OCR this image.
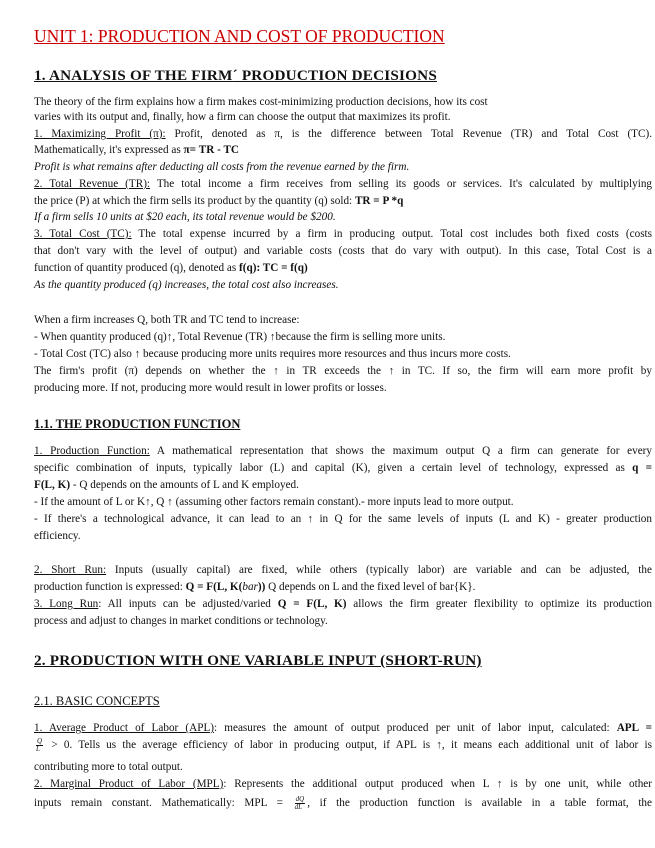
UNIT 1: PRODUCTION AND COST OF PRODUCTION
1. ANALYSIS OF THE FIRM´ PRODUCTION DECISIONS
The theory of the firm explains how a firm makes cost-minimizing production decisions, how its cost
varies with its output and, finally, how a firm can choose the output that maximizes its profit.
1. Maximizing Profit (π): Profit, denoted as π, is the difference between Total Revenue (TR) and Total Cost (TC).
Mathematically, it's expressed as π= TR - TC
Profit is what remains after deducting all costs from the revenue earned by the firm.
2. Total Revenue (TR): The total income a firm receives from selling its goods or services. It's calculated by multiplying
the price (P) at which the firm sells its product by the quantity (q) sold: TR = P *q
If a firm sells 10 units at $20 each, its total revenue would be $200.
3. Total Cost (TC): The total expense incurred by a firm in producing output. Total cost includes both fixed costs (costs
that don't vary with the level of output) and variable costs (costs that do vary with output). In this case, Total Cost is a
function of quantity produced (q), denoted as f(q): TC = f(q)
As the quantity produced (q) increases, the total cost also increases.
When a firm increases Q, both TR and TC tend to increase:
- When quantity produced (q)↑, Total Revenue (TR) ↑because the firm is selling more units.
- Total Cost (TC) also ↑ because producing more units requires more resources and thus incurs more costs.
The firm's profit (π) depends on whether the ↑ in TR exceeds the ↑ in TC. If so, the firm will earn more profit by
producing more. If not, producing more would result in lower profits or losses.
1.1. THE PRODUCTION FUNCTION
1. Production Function: A mathematical representation that shows the maximum output Q a firm can generate for every
specific combination of inputs, typically labor (L) and capital (K), given a certain level of technology, expressed as q =
F(L, K) - Q depends on the amounts of L and K employed.
- If the amount of L or K↑, Q ↑ (assuming other factors remain constant).- more inputs lead to more output.
- If there's a technological advance, it can lead to an ↑ in Q for the same levels of inputs (L and K) - greater production
efficiency.
2. Short Run: Inputs (usually capital) are fixed, while others (typically labor) are variable and can be adjusted, the
production function is expressed: Q = F(L, K(bar)) Q depends on L and the fixed level of bar{K}.
3. Long Run: All inputs can be adjusted/varied Q = F(L, K) allows the firm greater flexibility to optimize its production
process and adjust to changes in market conditions or technology.
2. PRODUCTION WITH ONE VARIABLE INPUT (SHORT-RUN)
2.1. BASIC CONCEPTS
1. Average Product of Labor (APL): measures the amount of output produced per unit of labor input, calculated: APL =
$\frac{Q}{L} > 0$. Tells us the average efficiency of labor in producing output, if APL is ↑, it means each additional unit of labor is
contributing more to total output.
2. Marginal Product of Labor (MPL): Represents the additional output produced when L ↑ is by one unit, while other
inputs remain constant. Mathematically: MPL = $\frac{dQ}{dL}$ , if the production function is available in a table format, the
